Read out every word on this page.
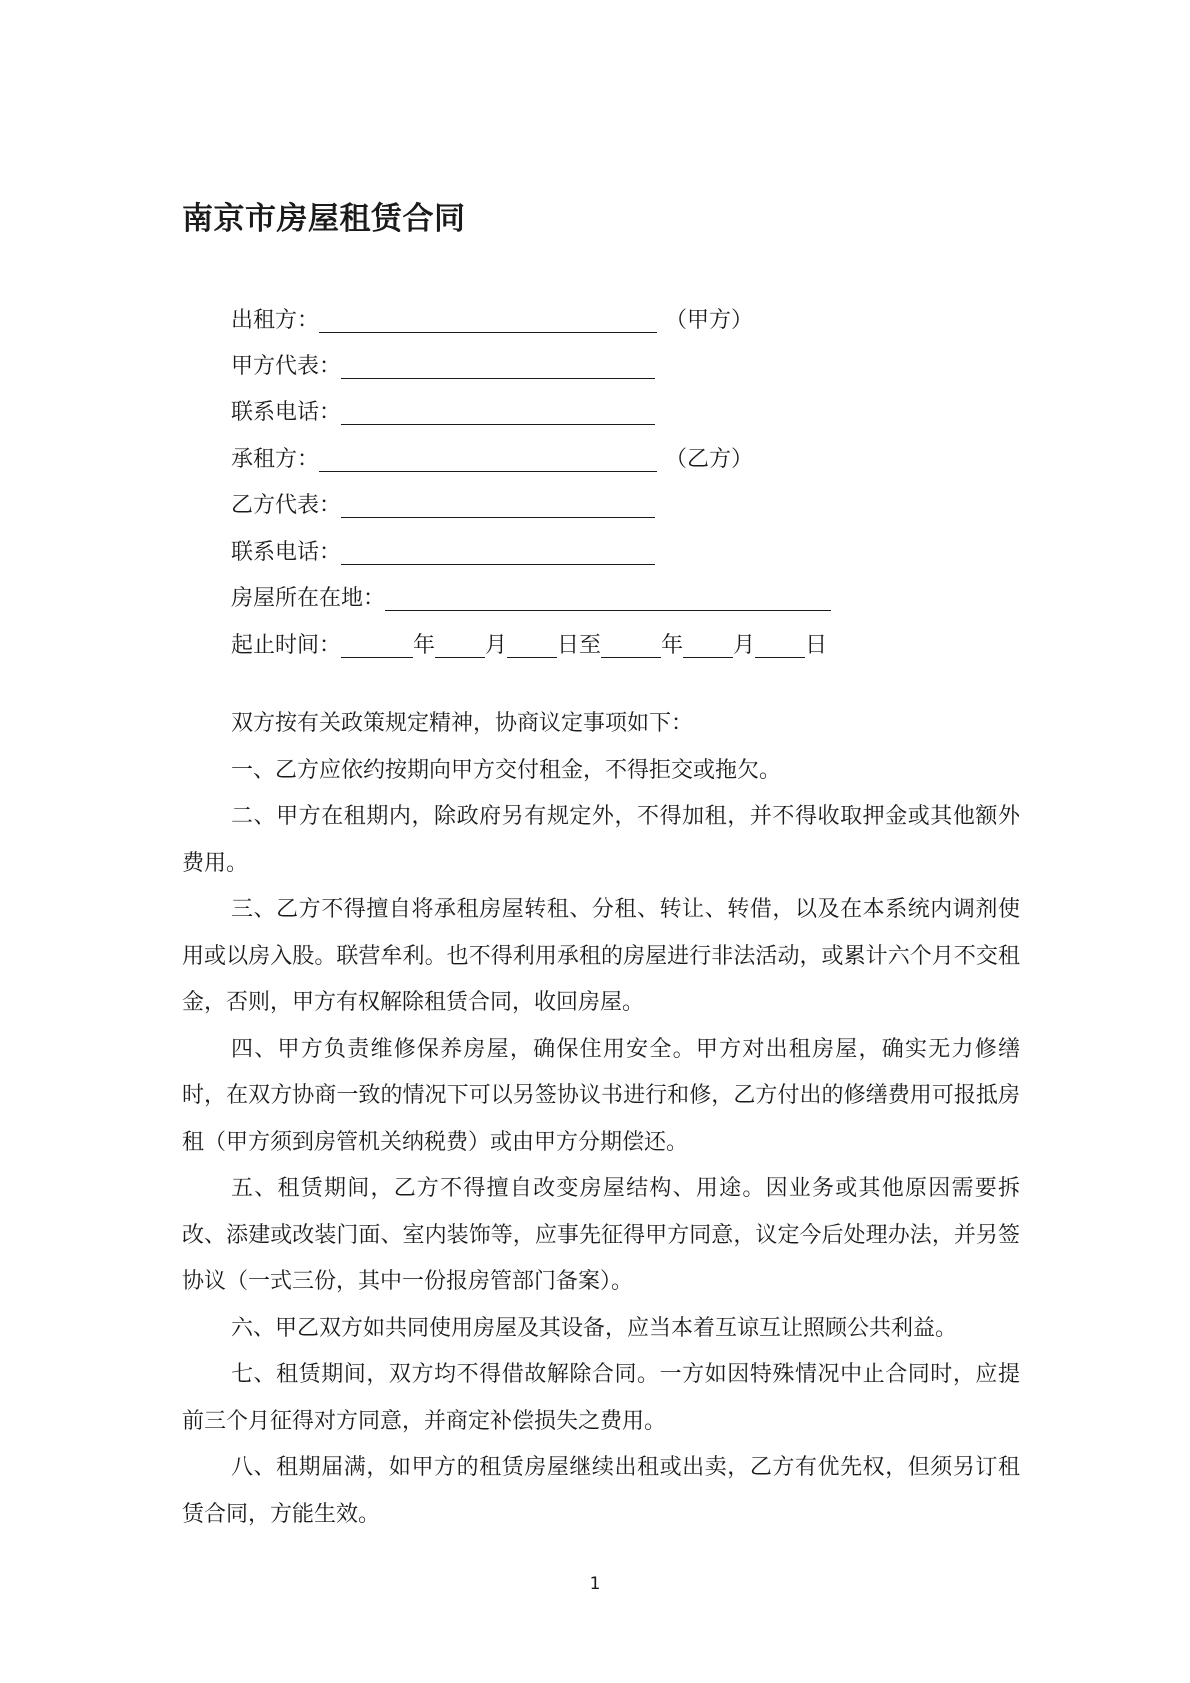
南京市房屋租赁合同
出租方：	（甲方）
甲方代表：
联系电话：
承租方：	（乙方）
乙方代表：
联系电话：
房屋所在在地：
起止时间：	年 月 日至	年 月 日

双方按有关政策规定精神，协商议定事项如下：

一、乙方应依约按期向甲方交付租金，不得拒交或拖欠。

二、甲方在租期内，除政府另有规定外，不得加租，并不得收取押金或其他额外费用。

三、乙方不得擅自将承租房屋转租、分租、转让、转借，以及在本系统内调剂使用或以房入股。联营牟利。也不得利用承租的房屋进行非法活动，或累计六个月不交租金，否则，甲方有权解除租赁合同，收回房屋。

四、甲方负责维修保养房屋，确保住用安全。甲方对出租房屋，确实无力修缮时，在双方协商一致的情况下可以另签协议书进行和修，乙方付出的修缮费用可报抵房租（甲方须到房管机关纳税费）或由甲方分期偿还。

五、租赁期间，乙方不得擅自改变房屋结构、用途。因业务或其他原因需要拆改、添建或改装门面、室内装饰等，应事先征得甲方同意，议定今后处理办法，并另签协议（一式三份，其中一份报房管部门备案）。

六、甲乙双方如共同使用房屋及其设备，应当本着互谅互让照顾公共利益。

七、租赁期间，双方均不得借故解除合同。一方如因特殊情况中止合同时，应提前三个月征得对方同意，并商定补偿损失之费用。

八、租期届满，如甲方的租赁房屋继续出租或出卖，乙方有优先权，但须另订租赁合同，方能生效。

1
